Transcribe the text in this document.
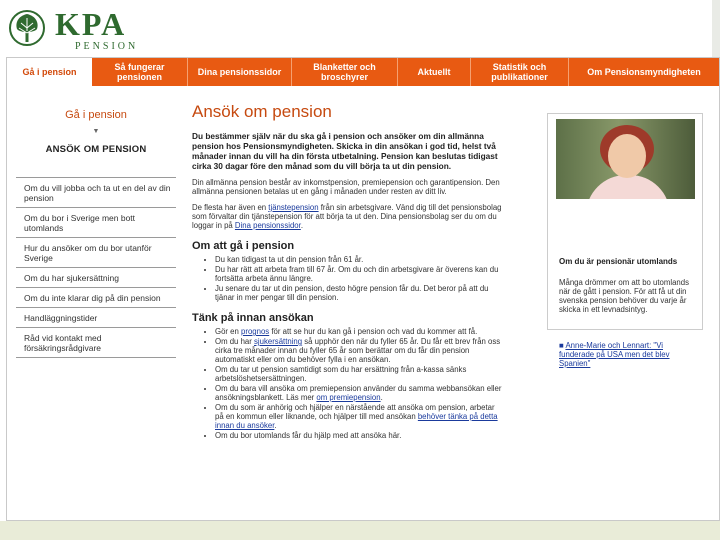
KPA
PENSION
Gå i pension	Så fungerar pensionen	Dina pensionssidor	Blanketter och broschyrer	Aktuellt	Statistik och publikationer	Om Pensionsmyndigheten
Gå i pension
▼
ANSÖK OM PENSION
Om du vill jobba och ta ut en del av din pension
Om du bor i Sverige men bott utomlands
Hur du ansöker om du bor utanför Sverige
Om du har sjukersättning
Om du inte klarar dig på din pension
Handläggningstider
Råd vid kontakt med försäkringsrådgivare
Ansök om pension
Du bestämmer själv när du ska gå i pension och ansöker om din allmänna pension hos Pensionsmyndigheten. Skicka in din ansökan i god tid, helst två månader innan du vill ha din första utbetalning. Pension kan beslutas tidigast cirka 30 dagar före den månad som du vill börja ta ut din pension.
Din allmänna pension består av inkomstpension, premiepension och garantipension. Den allmänna pensionen betalas ut en gång i månaden under resten av ditt liv.
De flesta har även en tjänstepension från sin arbetsgivare. Vänd dig till det pensionsbolag som förvaltar din tjänstepension för att börja ta ut den. Dina pensionsbolag ser du om du loggar in på Dina pensionssidor.
Om att gå i pension
• Du kan tidigast ta ut din pension från 61 år.
• Du har rätt att arbeta fram till 67 år. Om du och din arbetsgivare är överens kan du fortsätta arbeta ännu längre.
• Ju senare du tar ut din pension, desto högre pension får du. Det beror på att du tjänar in mer pengar till din pension.
Tänk på innan ansökan
• Gör en prognos för att se hur du kan gå i pension och vad du kommer att få.
• Om du har sjukersättning så upphör den när du fyller 65 år. Du får ett brev från oss cirka tre månader innan du fyller 65 år som berättar om du får din pension automatiskt eller om du behöver fylla i en ansökan.
• Om du tar ut pension samtidigt som du har ersättning från a-kassa sänks arbetslöshetsersättningen.
• Om du bara vill ansöka om premiepension använder du samma webbansökan eller ansökningsblankett. Läs mer om premiepension.
• Om du som är anhörig och hjälper en närstående att ansöka om pension, arbetar på en kommun eller liknande, och hjälper till med ansökan behöver tänka på detta innan du ansöker.
• Om du bor utomlands får du hjälp med att ansöka här.
Om du är pensionär utomlands
Många drömmer om att bo utomlands när de gått i pension. För att få ut din svenska pension behöver du varje år skicka in ett levnadsintyg.
■ Anne-Marie och Lennart: "Vi funderade på USA men det blev Spanien"
